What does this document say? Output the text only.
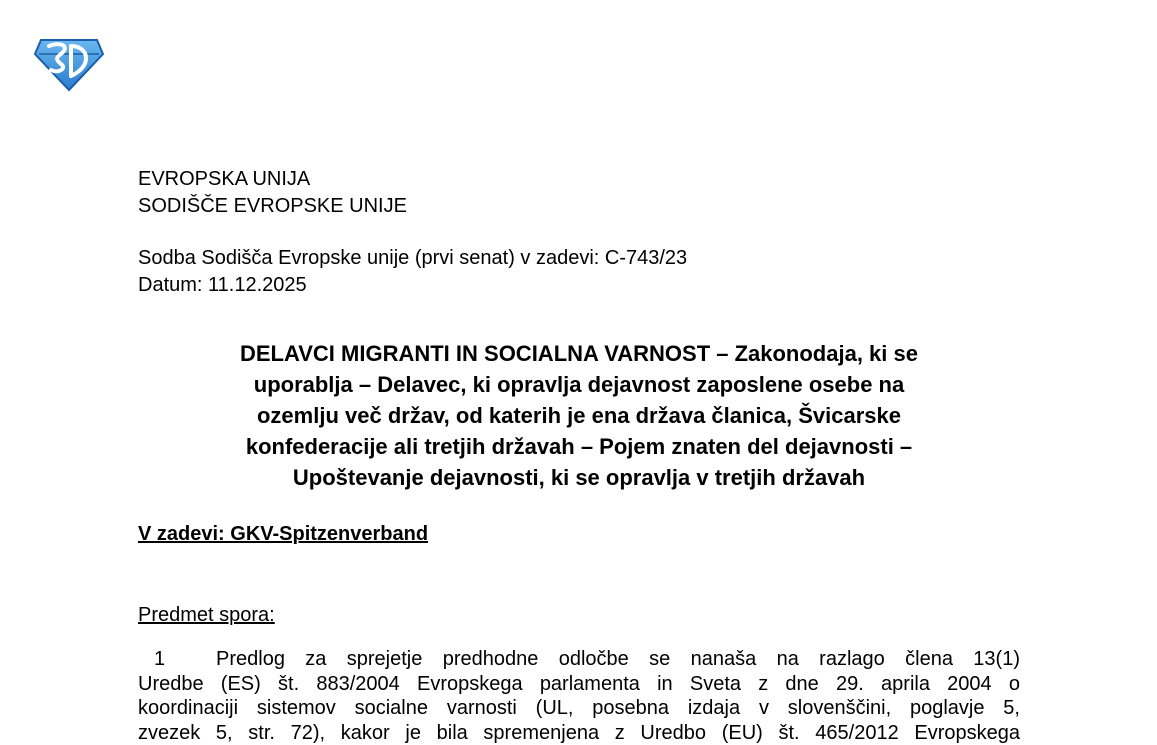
EVROPSKA UNIJA
SODIŠČE EVROPSKE UNIJE
Sodba Sodišča Evropske unije (prvi senat) v zadevi: C-743/23
Datum: 11.12.2025
DELAVCI MIGRANTI IN SOCIALNA VARNOST – Zakonodaja, ki se
uporablja – Delavec, ki opravlja dejavnost zaposlene osebe na
ozemlju več držav, od katerih je ena država članica, Švicarske
konfederacije ali tretjih državah – Pojem znaten del dejavnosti –
Upoštevanje dejavnosti, ki se opravlja v tretjih državah
V zadevi: GKV-Spitzenverband
Predmet spora:
1	Predlog za sprejetje predhodne odločbe se nanaša na razlago člena 13(1)
Uredbe (ES) št. 883/2004 Evropskega parlamenta in Sveta z dne 29. aprila 2004 o
koordinaciji sistemov socialne varnosti (UL, posebna izdaja v slovenščini, poglavje 5,
zvezek 5, str. 72), kakor je bila spremenjena z Uredbo (EU) št. 465/2012 Evropskega
